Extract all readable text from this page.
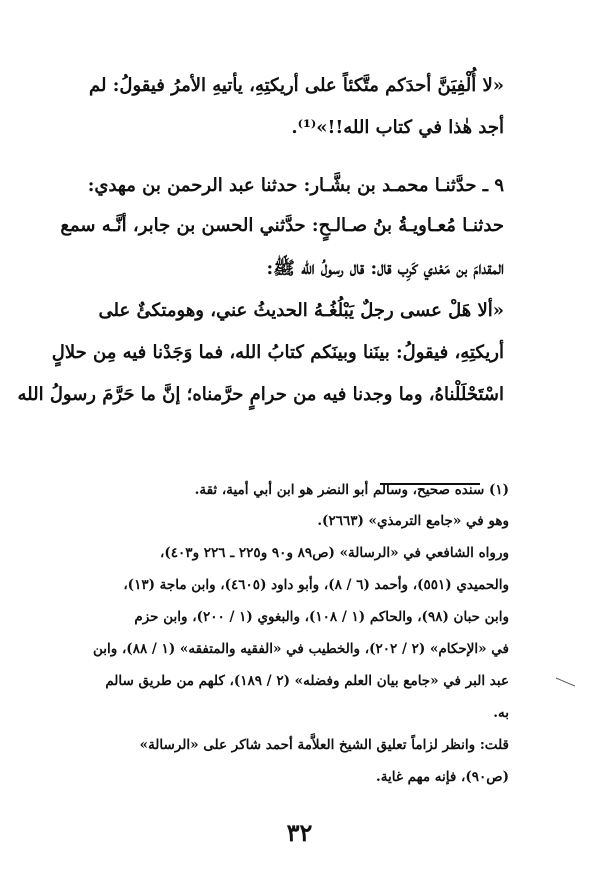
«لا أُلْفِيَنَّ أحدَكم متَّكئاً على أريكتِهِ، يأتيهِ الأمرُ فيقولُ: لم
أجد هٰذا في كتاب الله!!»⁽¹⁾.
٩ ـ حدَّثنـا محمـد بن بشَّـار: حدثنا عبد الرحمن بن مهدي:
حدثنـا مُعـاويـةُ بنُ صـالـحٍ: حدَّثني الحسن بن جابر، أنَّـه سمع
المقدامَ بن مَعْدي كَرِب قال: قال رسولُ الله ﷺ:
«ألا هَلْ عسى رجلٌ يَبْلُغُـهُ الحديثُ عني، وهومتكئٌ على
أريكتِهِ، فيقولُ: بينَنا وبينَكم كتابُ الله، فما وَجَدْنا فيه مِن حلالٍ
اسْتَحْلَلْناهُ، وما وجدنا فيه من حرامٍ حرَّمناه؛ إنَّ ما حَرَّمَ رسولُ الله
(١) سنده صحيح، وسالم أبو النضر هو ابن أبي أمية، ثقة.
وهو في «جامع الترمذي» (٢٦٦٣).
ورواه الشافعي في «الرسالة» (ص٨٩ و٩٠ و٢٢٥ ـ ٢٢٦ و٤٠٣)،
والحميدي (٥٥١)، وأحمد (٦ / ٨)، وأبو داود (٤٦٠٥)، وابن ماجة (١٣)،
وابن حبان (٩٨)، والحاكم (١ / ١٠٨)، والبغوي (١ / ٢٠٠)، وابن حزم
في «الإحكام» (٢ / ٢٠٢)، والخطيب في «الفقيه والمتفقه» (١ / ٨٨)، وابن
عبد البر في «جامع بيان العلم وفضله» (٢ / ١٨٩)، كلهم من طريق سالم
به.
قلت: وانظر لزاماً تعليق الشيخ العلاَّمة أحمد شاكر على «الرسالة»
(ص٩٠)، فإنه مهم غاية.
٣٢
